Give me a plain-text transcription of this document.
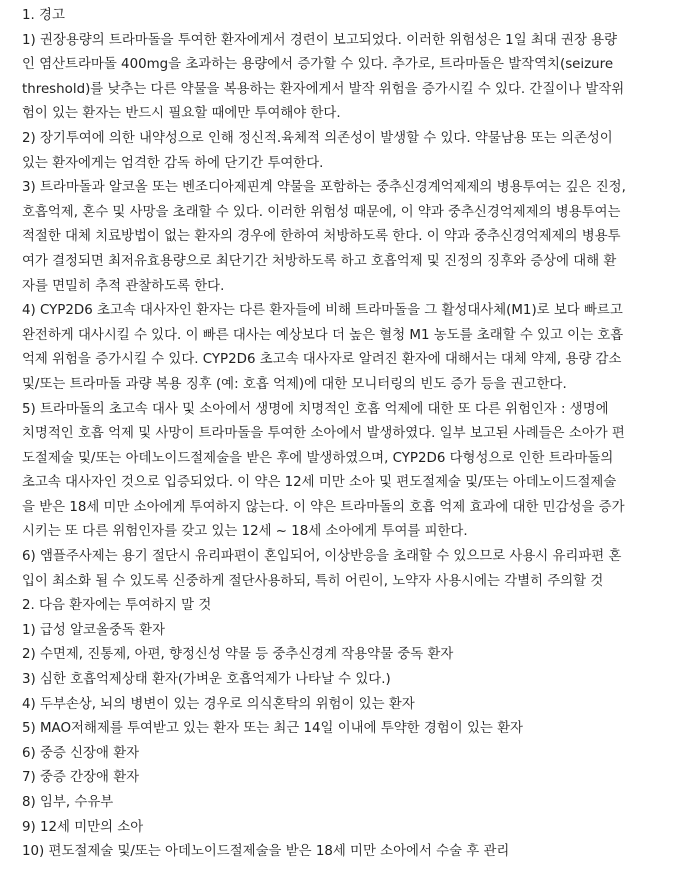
1. 경고
1) 권장용량의 트라마돌을 투여한 환자에게서 경련이 보고되었다. 이러한 위험성은 1일 최대 권장 용량
인 염산트라마돌 400mg을 초과하는 용량에서 증가할 수 있다. 추가로, 트라마돌은 발작역치(seizure
threshold)를 낮추는 다른 약물을 복용하는 환자에게서 발작 위험을 증가시킬 수 있다. 간질이나 발작위
험이 있는 환자는 반드시 필요할 때에만 투여해야 한다.
2) 장기투여에 의한 내약성으로 인해 정신적.육체적 의존성이 발생할 수 있다. 약물남용 또는 의존성이
있는 환자에게는 엄격한 감독 하에 단기간 투여한다.
3) 트라마돌과 알코올 또는 벤조디아제핀계 약물을 포함하는 중추신경계억제제의 병용투여는 깊은 진정,
호흡억제, 혼수 및 사망을 초래할 수 있다. 이러한 위험성 때문에, 이 약과 중추신경억제제의 병용투여는
적절한 대체 치료방법이 없는 환자의 경우에 한하여 처방하도록 한다. 이 약과 중추신경억제제의 병용투
여가 결정되면 최저유효용량으로 최단기간 처방하도록 하고 호흡억제 및 진정의 징후와 증상에 대해 환
자를 면밀히 추적 관찰하도록 한다.
4) CYP2D6 초고속 대사자인 환자는 다른 환자들에 비해 트라마돌을 그 활성대사체(M1)로 보다 빠르고
완전하게 대사시킬 수 있다. 이 빠른 대사는 예상보다 더 높은 혈청 M1 농도를 초래할 수 있고 이는 호흡
억제 위험을 증가시킬 수 있다. CYP2D6 초고속 대사자로 알려진 환자에 대해서는 대체 약제, 용량 감소
및/또는 트라마돌 과량 복용 징후 (예: 호흡 억제)에 대한 모니터링의 빈도 증가 등을 권고한다.
5) 트라마돌의 초고속 대사 및 소아에서 생명에 치명적인 호흡 억제에 대한 또 다른 위험인자 : 생명에
치명적인 호흡 억제 및 사망이 트라마돌을 투여한 소아에서 발생하였다. 일부 보고된 사례들은 소아가 편
도절제술 및/또는 아데노이드절제술을 받은 후에 발생하였으며, CYP2D6 다형성으로 인한 트라마돌의
초고속 대사자인 것으로 입증되었다. 이 약은 12세 미만 소아 및 편도절제술 및/또는 아데노이드절제술
을 받은 18세 미만 소아에게 투여하지 않는다. 이 약은 트라마돌의 호흡 억제 효과에 대한 민감성을 증가
시키는 또 다른 위험인자를 갖고 있는 12세 ~ 18세 소아에게 투여를 피한다.
6) 앰플주사제는 용기 절단시 유리파편이 혼입되어, 이상반응을 초래할 수 있으므로 사용시 유리파편 혼
입이 최소화 될 수 있도록 신중하게 절단사용하되, 특히 어린이, 노약자 사용시에는 각별히 주의할 것
2. 다음 환자에는 투여하지 말 것
1) 급성 알코올중독 환자
2) 수면제, 진통제, 아편, 향정신성 약물 등 중추신경계 작용약물 중독 환자
3) 심한 호흡억제상태 환자(가벼운 호흡억제가 나타날 수 있다.)
4) 두부손상, 뇌의 병변이 있는 경우로 의식혼탁의 위험이 있는 환자
5) MAO저해제를 투여받고 있는 환자 또는 최근 14일 이내에 투약한 경험이 있는 환자
6) 중증 신장애 환자
7) 중증 간장애 환자
8) 임부, 수유부
9) 12세 미만의 소아
10) 편도절제술 및/또는 아데노이드절제술을 받은 18세 미만 소아에서 수술 후 관리
